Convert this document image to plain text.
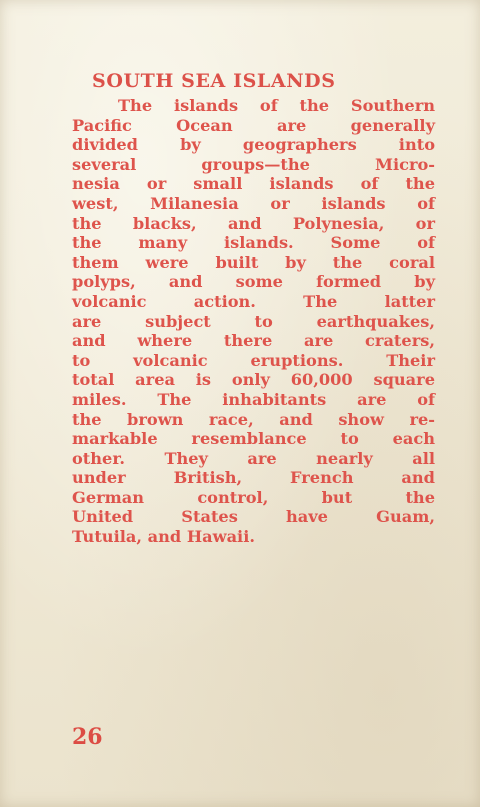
SOUTH SEA ISLANDS
The islands of the Southern
Pacific Ocean are generally
divided by geographers into
several groups—the Micro-
nesia or small islands of the
west, Milanesia or islands of
the blacks, and Polynesia, or
the many islands. Some of
them were built by the coral
polyps, and some formed by
volcanic action. The latter
are subject to earthquakes,
and where there are craters,
to volcanic eruptions. Their
total area is only 60,000 square
miles. The inhabitants are of
the brown race, and show re-
markable resemblance to each
other. They are nearly all
under British, French and
German control, but the
United States have Guam,
Tutuila, and Hawaii.

26
